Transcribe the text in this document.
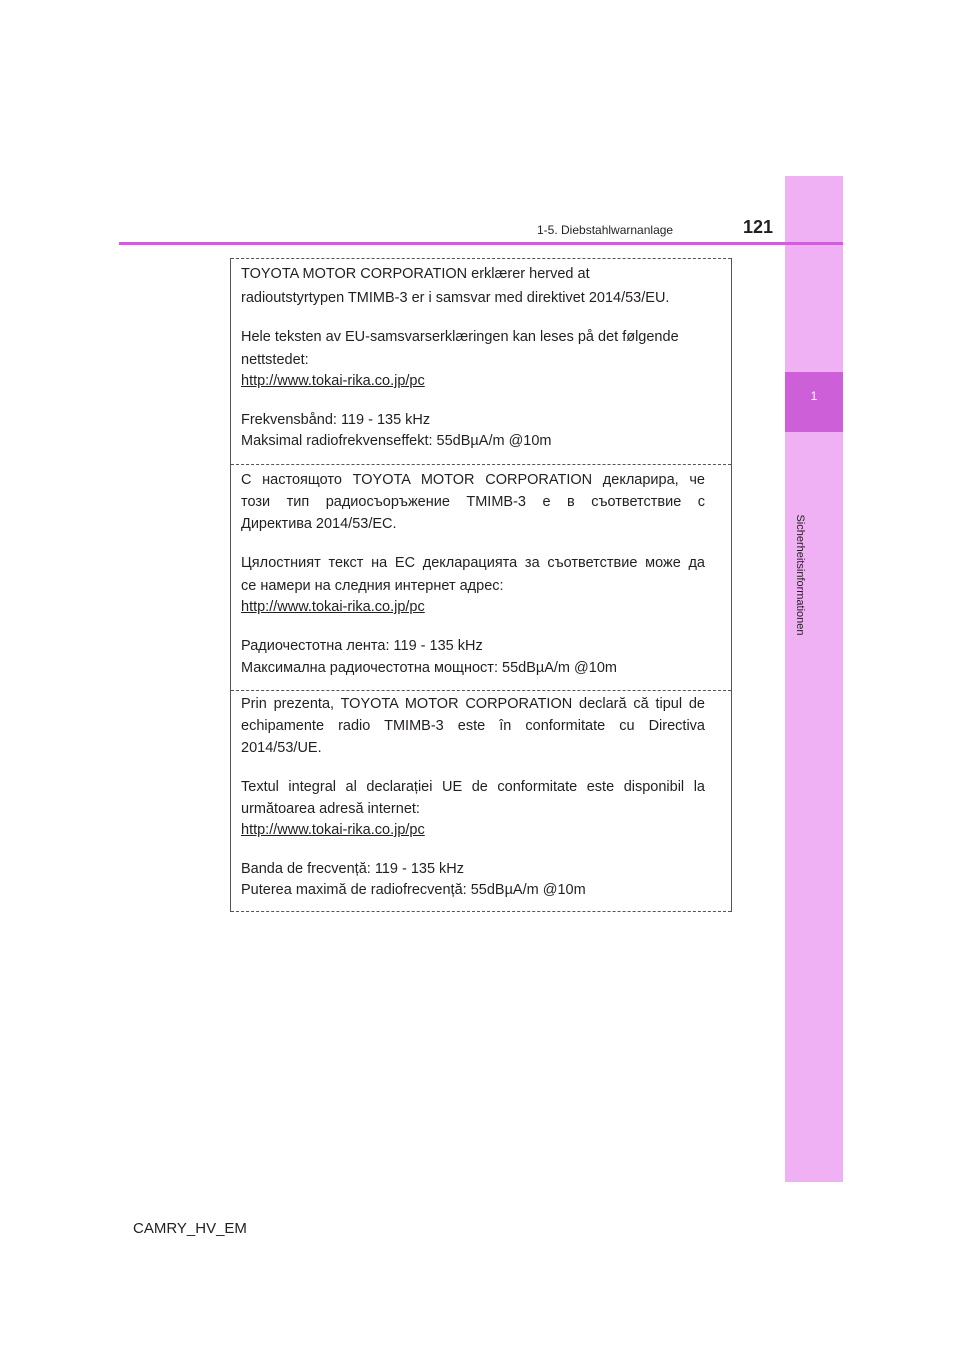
1
Sicherheitsinformationen
1-5. Diebstahlwarnanlage	121

TOYOTA MOTOR CORPORATION erklærer herved at

radioutstyrtypen TMIMB-3 er i samsvar med direktivet 2014/53/EU.

Hele teksten av EU-samsvarserklæringen kan leses på det følgende

nettstedet:

http://www.tokai-rika.co.jp/pc

Frekvensbånd: 119 - 135 kHz

Maksimal radiofrekvenseffekt: 55dBµA/m @10m

С настоящото TOYOTA MOTOR CORPORATION декларира, че

този тип радиосъоръжение TMIMB-3 е в съответствие с

Директива 2014/53/ЕС.

Цялостният текст на ЕС декларацията за съответствие може да

се намери на следния интернет адрес:

http://www.tokai-rika.co.jp/pc

Радиочестотна лента: 119 - 135 kHz

Максимална радиочестотна мощност: 55dBµA/m @10m

Prin prezenta, TOYOTA MOTOR CORPORATION declară că tipul de

echipamente radio TMIMB-3 este în conformitate cu Directiva

2014/53/UE.

Textul integral al declarației UE de conformitate este disponibil la

următoarea adresă internet:

http://www.tokai-rika.co.jp/pc

Banda de frecvență: 119 - 135 kHz

Puterea maximă de radiofrecvență: 55dBµA/m @10m

CAMRY_HV_EM
